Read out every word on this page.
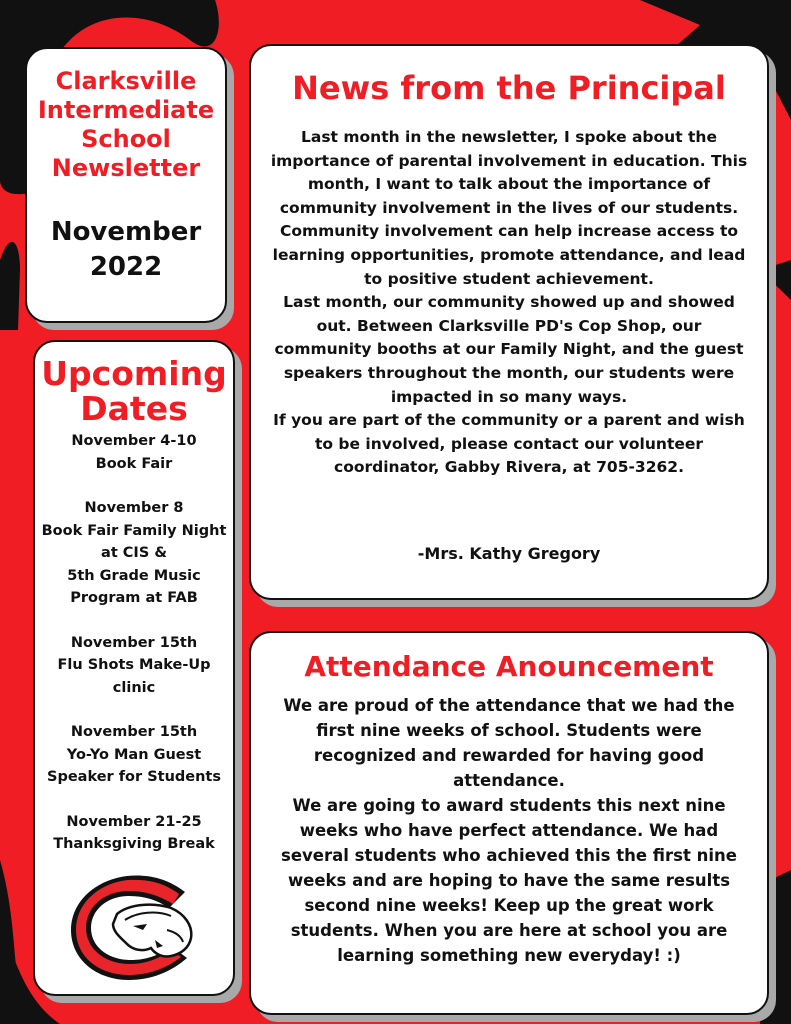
Clarksville Intermediate School Newsletter
November 2022
Upcoming Dates
November 4-10
Book Fair
November 8
Book Fair Family Night
at CIS &
5th Grade Music
Program at FAB
November 15th
Flu Shots Make-Up
clinic
November 15th
Yo-Yo Man Guest
Speaker for Students
November 21-25
Thanksgiving Break
News from the Principal

Last month in the newsletter, I spoke about the importance of parental involvement in education. This month, I want to talk about the importance of community involvement in the lives of our students. Community involvement can help increase access to learning opportunities, promote attendance, and lead to positive student achievement.

Last month, our community showed up and showed out. Between Clarksville PD's Cop Shop, our community booths at our Family Night, and the guest speakers throughout the month, our students were impacted in so many ways.

If you are part of the community or a parent and wish to be involved, please contact our volunteer coordinator, Gabby Rivera, at 705-3262.

-Mrs. Kathy Gregory
Attendance Anouncement

We are proud of the attendance that we had the first nine weeks of school. Students were recognized and rewarded for having good attendance.

We are going to award students this next nine weeks who have perfect attendance. We had several students who achieved this the first nine weeks and are hoping to have the same results second nine weeks! Keep up the great work students. When you are here at school you are learning something new everyday! :)
